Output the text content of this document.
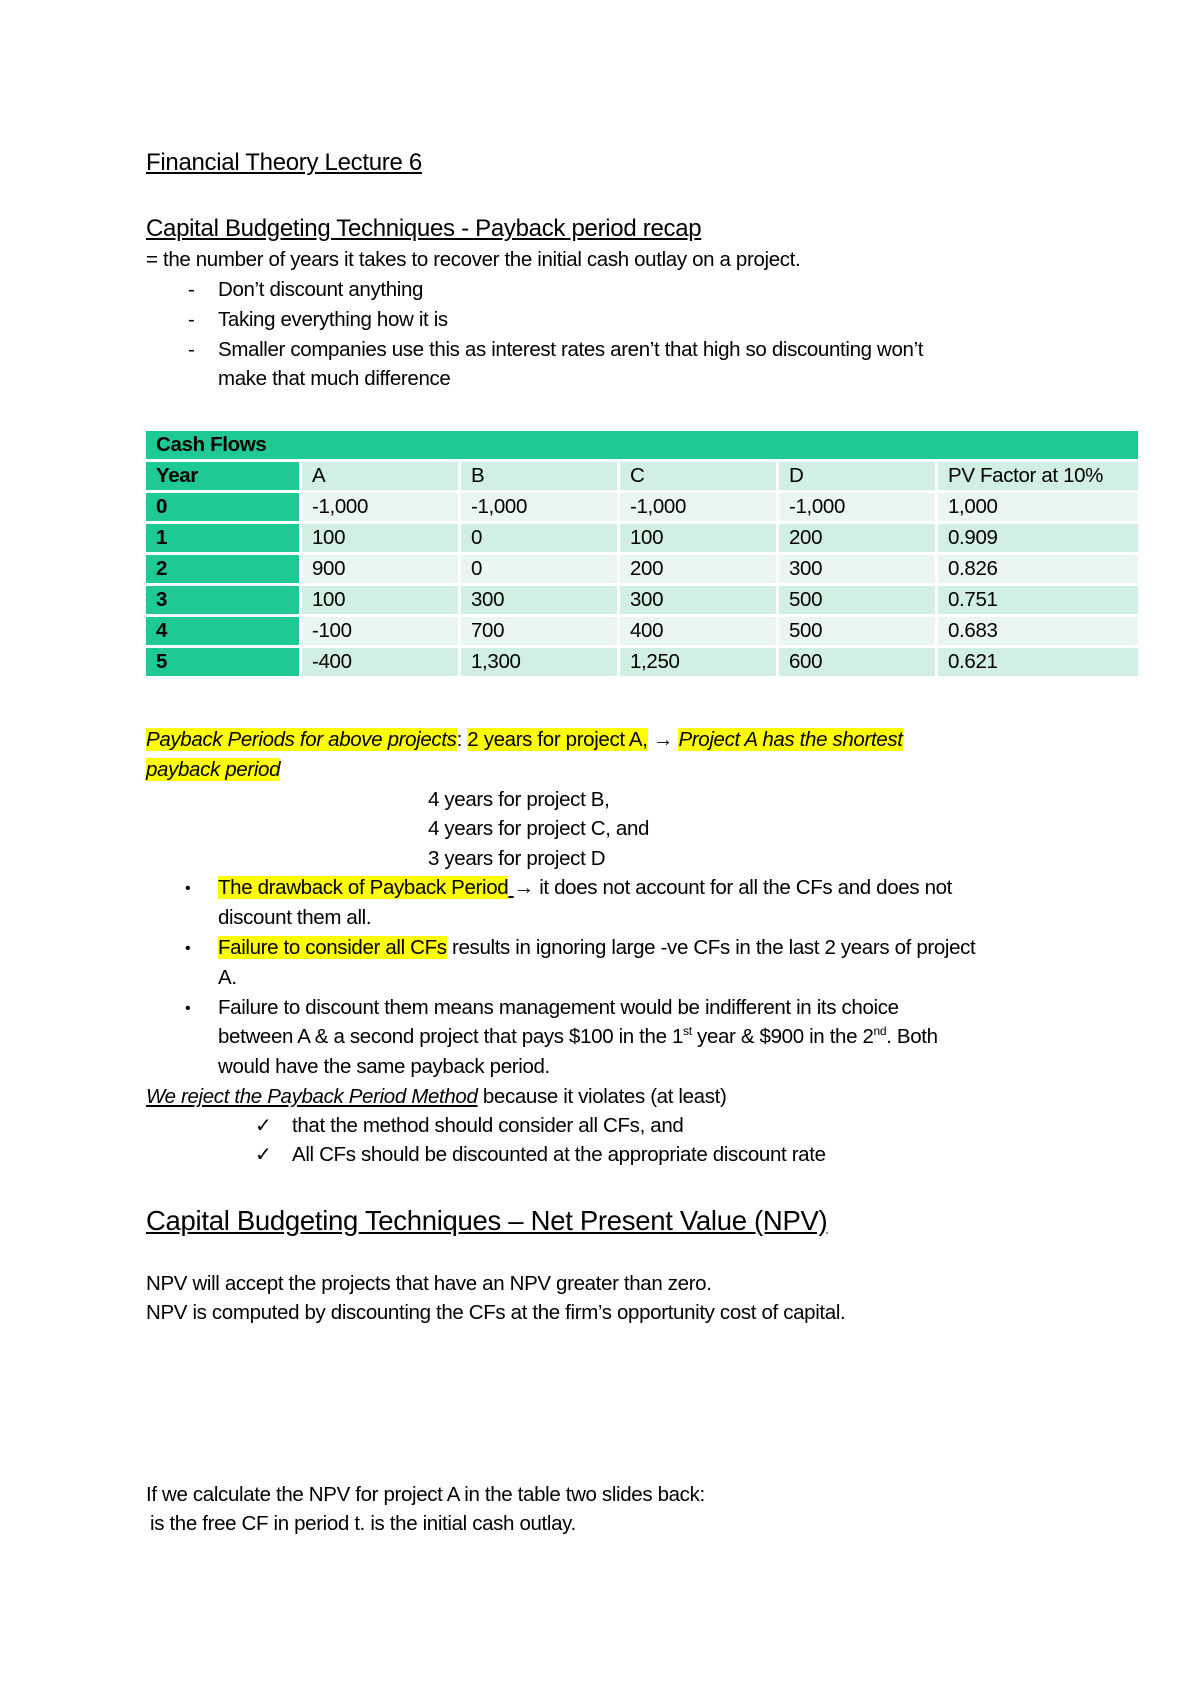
Financial Theory Lecture 6

Capital Budgeting Techniques - Payback period recap

= the number of years it takes to recover the initial cash outlay on a project.

- Don’t discount anything

- Taking everything how it is

- Smaller companies use this as interest rates aren’t that high so discounting won’t

make that much difference

Cash Flows					
Year	A	B	C	D	PV Factor at 10%
0	-1,000	-1,000	-1,000	-1,000	1,000
1	100	0	100	200	0.909
2	900	0	200	300	0.826
3	100	300	300	500	0.751
4	-100	700	400	500	0.683
5	-400	1,300	1,250	600	0.621

Payback Periods for above projects: 2 years for project A, → Project A has the shortest

payback period

4 years for project B,

4 years for project C, and

3 years for project D

• The drawback of Payback Period → it does not account for all the CFs and does not

discount them all.

• Failure to consider all CFs results in ignoring large -ve CFs in the last 2 years of project

A.

• Failure to discount them means management would be indifferent in its choice

between A & a second project that pays $100 in the 1st year & $900 in the 2nd. Both

would have the same payback period.

We reject the Payback Period Method because it violates (at least)

✓ that the method should consider all CFs, and

✓ All CFs should be discounted at the appropriate discount rate

Capital Budgeting Techniques – Net Present Value (NPV)

NPV will accept the projects that have an NPV greater than zero.

NPV is computed by discounting the CFs at the firm’s opportunity cost of capital.

If we calculate the NPV for project A in the table two slides back:

is the free CF in period t. is the initial cash outlay.
